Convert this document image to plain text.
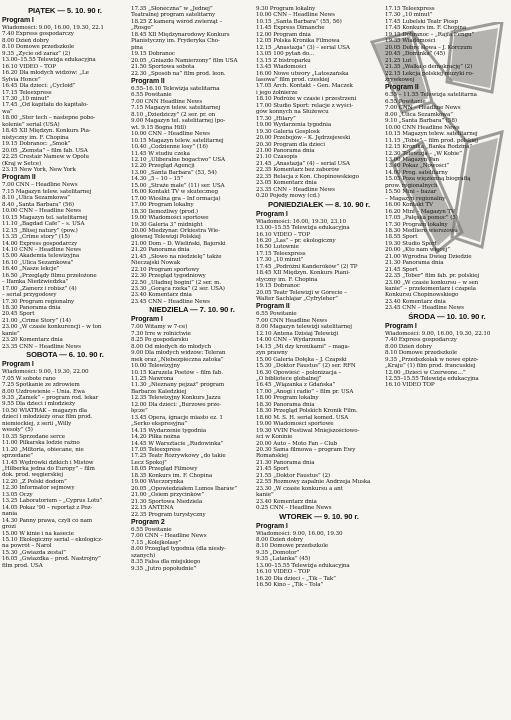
PIĄTEK — 5. 10. 90 r.
Program I
Wiadomości: 9.00, 16.00, 19.30, 22.1
7.40 Express gospodarczy
8.00 Dzień dobry
8.10 Domowe przedszkole
9.35 „Życie od zaraz” (2)
13.00–15.55 Telewizja edukacyjna
16.10 VIDEO – TOP
16.20 Dla młodych widzów: „Le
Sylvia Honce”
16.45 Dla dzieci: „Cycloid”
17.15 Teleexpress
17.30 „10 minut”
17.45 „Od kapitału do kapitało-
wa”
18.00 „Ster tech – nastepne pobo-
kolenie” serial (USA)
18.45 XII Międzyn. Konkurs Pia-
nistyczny im. F. Chopina
19.15 Dobranoc: „Smok”
20.05 „Zemsta” – film fab. USA
22.25 Crestair Namew w Opolu
(Kraj w Setce)
23.15 New York, New York
Program II
7.00 CNN – Headline News
7.15 Magazyn telew. satelitarnej
8.10 „Ulica Sezamkowa”
8.40 „Santa Barbara” (56)
10.00 CNN – Headline News
10.15 Magazyn tel. satelitarnej
11.10 „Bagdad Cafe” – s. USA
12.15 „Blisej natury” (pow.)
13.35 „Crime story” (15)
14.00 Express gospodarczy
14.10 CNN – Headline News
15.00 Akademia telewizyjna
16.10 „Ulica Sezamkowa”
16.40 „Nasze lekcje”
16.50 „Przeglądy filmu przełożone
– Ifamka Niedźwiedzka”
17.00 „Zamerz i robisz” (4)
– serial przygodowy
17.30 Program regionalny
18.30 Panorama dnia
20.45 Sport
21.00 „Crime Story” (14)
23.00 „W czasie konkurencji – w ton
kanie”
23.20 Komentarz dnia
23.35 CNN – Headline News
SOBOTA — 6. 10. 90 r.
Program I
Wiadomości: 9.00, 19.30, 22.00
7.05 W sobote rano
7.25 Spotkanie ze zdrowiem
8.00 Uzdrowienie – Unia. Ewa
9.35 „Zamek” – program rod. lekar
9.55 Dla dzieci i młodzieży
10.50 WIATRAK – magazyn dla
dzieci i młodzieży oraz film prod.
niemieckiej, z serii „Willy
wesoły” (5)
10.35 Sprzedane serce
11.00 Pilkarska lodzie raźno
11.20 „Miltoria, obiecane, nie
sprzedane”
11.45 Wędrówki dzikich i Mistów
„Hilberka jedna do Europy” – film
dok. prod. węgierskiej
12.20 „Z Polski dodom”
12.30 Informator sejmowy
13.05 Oczy
13.25 Laboratorium – „Cyprus Lotu”
14.05 Pokaz '90 – reportaż z Poz-
nania
14.30 Panny prawa, czyli co nam
grozi
15.00 W kinie i na kasecie
15.10 Ekologiczny serial – ekologicz-
na powrót – Narol
15.30 „Gwiazda zestal”
16.05 „Gwiazdka – prod. Nastrojny”
film prod. USA
17.35 „Słoneczna” w „Jednej”
Teatralnej program satelitarny
18.25 Z kamerą wśród zwierząt –
„Rosgo”
18.45 XII Międzynarodowy Konkurs
Pianistyczny im. Fryderyka Cho-
pina
19.15 Dobranoc
20.05 „Gniazdo Namierzony” film USA
21.50 Sportowa sobota
22.30 „Sposób na” film prod. leon.
Program II
6.55–16.10 Telewizja satelitarna
6.55 Powitanie
7.00 CNN Headline News
7.15 Magazyn telew. satelitarnej
8.10 „Dziedziczy” (2 ser. pr. on
9.00 Magazyn tel. satelitarnej (po-
wt. 9.15 Bogna Hill)
10.00 CNN – Headline News
10.15 Magazyn telew. satelitarnej
10.40 „Codzienne losy” (16)
11.45 W studiu czeka
12.10 „Uliberalne bogactwo” USA
12.20 Przegląd Agencji
13.00 „Santa Barbara” (53, 54)
14.30 „5 – 10 – 15”
15.00 „Straże małe” (11) ser. USA
16.00 Kontakt TV w skuteczneg
17.00 Wioślna gra – Inf ormacja)
17.00 Program lokalny
18.30 Ilemożliwy (prod.)
19.00 Wiadomości sportowe
19.30 Galeria 3” midnight
20.00 Miedzynar. Orkiestra Wie-
głównej Telewizji Polskiej
21.00 Dom – D. Wieliński, Bajorski
21.20 Panorama dnia
21.45 „Słowo na niedzielę” także
Nieczajski Nowak
22.10 Program sportowy
22.30 Przegląd tygodniowy
22.50 „Uładnej bogini” (2 ser. m.
23.30 „Gorąca rzeka” (2 ser. USA)
23.40 Komentarz dnia
23.45 CNN – Headline News
NIEDZIELA — 7. 10. 90 r.
Program I
7.00 Witamy w 7-ce)
7.30 Irre w rolnictwie
8.25 Po gospodarsku
8.00 Od młodych do młodych
9.00 Dla młodych widzów: Teleran
mek oraz „Niebezpieczna zatoka”
10.00 Telewizyjny
10.15 Karuzela Poetów – film fab.
11.25 Nawrona
11.30 „Nieznany pejzaż” program
Barbarze Kaledzkiej
12.35 Telewizyjny Konkurs Jazzu
12.00 Dla dzieci: „Burzowe prze-
łęcze”
13.45 Opera, ignacje miasto ez. 1
„Serko ekspresyjna”
14.15 Wydarzenie tygodnia
14.20 Piłka nożna
14.45 W Warsztacie „Rudowinka”
17.05 Teleexpress
17.25 Teatr Rozrywkowy „do takie
Lecz Spokoj”
18.05 Przegląd Filmowy
18.35 Konkurs im. F. Chopina
19.00 Wieczorynka
20.05 „Opowiedziałem Lumos Ibaraw”
21.00 „Osiem przycinków”
21.30 Sportowa Niedziela
22.15 ANTENA
22.35 Program turystyczny
Program 2
6.55 Powitanie
7.00 CNN – Headline News
7.15 „Kolejkolasy”
8.00 Przegląd tygodnia (dla niesły-
szanych)
8.35 Falsa dla miejskiego
9.35 „Jutro popołudnie”
9.30 Program lokalny
10.00 CNN – Headline News
10.15 „Santa Barbara” (55, 56)
11.45 Express Dimanche
12.00 Program dnia
12.05 Polska Kronika Filmowa
12.15 „Anastazja” (3) – serial USA
13.05 100 pytań do...
13.15 Z bistroparku
13.45 Wiadomości
16.00 Nowe utwory „Latoszańska
lasowa” film prod. czeskiej
17.05 Arch. Kontakt – Gen. Maczek
i jego żołnierze
18.10 Podróże w czasie i przestrzeni
17.00 Studio Sport: relacje z wyści-
gów konnych na Służewcu
17.30 „Hilary”
19.00 Wydarzenia tygodnia
19.30 Galeria Gosplosk
20.00 Przebojów – K. Jędrzejewski
20.30 Program dla dzieci
21.00 Panorama dnia
21.10 Czasopis
21.45 „Anastazja” (4) – serial USA
22.35 Komentarz bez zaborów
22.35 Relacja z Kon. Chopinowskiego
23.05 Komentarz dnia
23.35 CNN – Headline News
0.20 Pojedy mowy (cd.)
PONIEDZIAŁEK — 8. 10. 90 r.
Program I
Wiadomości: 16.00, 19.30, 23.10
13.00–15.55 Telewizja edukacyjna
16.10 VIDEO – TOP
16.20 „Las” – pr. ekologiczny
16.50 Lutownie
17.15 Teleexpress
17.30 „10 minut”
17.45 „Podróżni Kanderóków” (2) TP
18.45 XII Międzyn. Konkurs Piani-
styczny im. F. Chopina
19.15 Dobranoc
20.05 Teatr Telewizji w Górecie –
Walter Sachlajar „Cyfryleher”
Program II
6.55 Powitanie
7.00 CNN Headline News
8.00 Magazyn telewizji satelitarnej
12.10 Antena Dzisiaj Telewizji
14.00 CNN – Wydarzenia
14.15 „Mi dzy kronikami” – maga-
zyn prawny
15.00 Galeria Dołęka – J. Czapski
15.30 „Doktor Faustus” (2) ser. RFN
16.30 Opowieść – polonizacja –
„O bibliotece globalnej”
16.45 „Wiązanka z Gdańska”
17.00 „Anogi i radio” – film pr. USA
18.00 Program lokalny
18.30 Panorama dnia
18.30 Przegląd Polskich Kronik Film.
18.60 M. S. H. serial komed. USA
19.00 Wiadomości sportowe
19.30 VVIN Festiwal Mniejszościowo-
ści w Koninie
20.00 Auto – Moto Fan – Club
20.30 Sama filmowa – program Ewy
Romańskiej
21.30 Panorama dnia
21.45 Sport
21.55 „Doktor Faustus” (2)
22.55 Rozmowy zapalnie Andrzeja Muska
23.30 „W czasie konkursu a ant
kanie”
23.40 Komentarz dnia
0.25 CNN – Headline News
WTOREK — 9. 10. 90 r.
Program I
Wiadomości: 9.00, 16.00, 19.30
8.00 Dzień dobry
8.10 Domowe przedszkole
9.35 „Domotor”
9.35 „Latanka” (45)
13.00–15.55 Telewizja edukacyjna
16.10 VIDEO – TOP
16.20 Dla dzieci – „Tik – Tak”
16.50 Kino – „Tik – Tola”
17.15 Teleexpress
17.30 „10 minut”
17.45 Lubelski Teatr Piosp
17.45 Konkurs im. F. Chopina
19.15 Dobranoc – „Rajfa Eengu”
19.35 Wiadomości
20.05 Dobre słowa – J. Korczum
20.45 „Dominka” (45)
21.25 Lut
21.35 „Walka o demokrację” (2)
22.15 Lekcja polskiej muzyki ro-
zrywkowej
Program II
6.55 – 11.55 Telewizja satelitarna
6.55 Powitanie
7.00 CNN – Headline News
8.00 „Ulica Sezamkowa”
9.10 „Santa Barbara” (58)
10.00 CNN Headline News
10.15 Magazyn telew. satelitarnej
11.15 „Tobie” – film prod. polskiej
12.15 Kronika „Banka Rodzina”
12.30 Telewizja – „W Kobie”
13.00 Magazyn Pan
13.40 Pokaz „Nowości”
14.00 Prog. satelitarny
15.05 Poza więzienną biografią
prow. regionalnych
15.50 Mini – bazar
– Magazyn regionalny
16.00 Kontakt TV
16.20 Mini – Magazyn TV
17.05 „Pałęska pomoc” (5)
17.30 Program lokalny
18.30 Medliero wierszowa
18.55 Sport
19.30 Studio Sport
20.00 „Kto nam więcej”
21.00 Wgrodna Dwieg Dziedzie
21.30 Panorama dnia
21.45 Sport
22.35 „Tober” film fab. pr. polskiej
23.00 „W czasie konkursu – w sen
kanie” – przekomentarz i czapela
Konkursu Chopinowskiego
23.40 Komentarz dnia
23.45 CNN – Headline News
ŚRODA — 10. 10. 90 r.
Program I
Wiadomości: 9.00, 16.00, 19.30, 22.10
7.40 Express gospodarczy
8.00 Dzień dobry
8.10 Domowe przedszkole
9.35 „Przedszkolak w nowe epizo-
„Kraju” (1) film prod. francuskiej
12.00 „Dzieci w Czerwone…”
12.55–15.55 Telewizja edukacyjna
16.10 VIDEO TOP
